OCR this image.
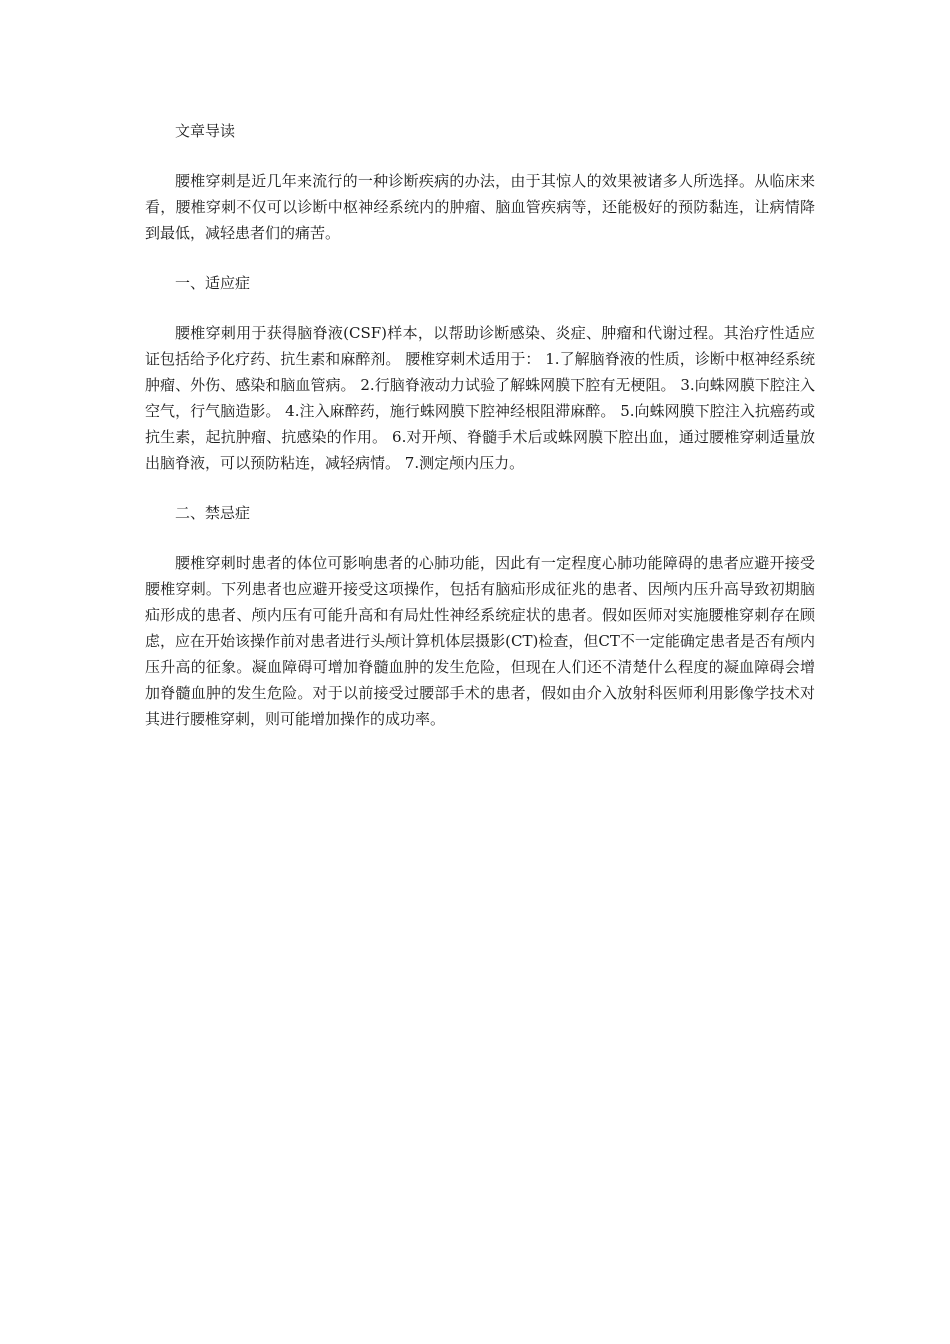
文章导读

腰椎穿刺是近几年来流行的一种诊断疾病的办法，由于其惊人的效果被诸多人所选择。从临床来看，腰椎穿刺不仅可以诊断中枢神经系统内的肿瘤、脑血管疾病等，还能极好的预防黏连，让病情降到最低，减轻患者们的痛苦。

一、适应症

腰椎穿刺用于获得脑脊液(CSF)样本，以帮助诊断感染、炎症、肿瘤和代谢过程。其治疗性适应证包括给予化疗药、抗生素和麻醉剂。 腰椎穿刺术适用于： 1.了解脑脊液的性质，诊断中枢神经系统肿瘤、外伤、感染和脑血管病。 2.行脑脊液动力试验了解蛛网膜下腔有无梗阻。 3.向蛛网膜下腔注入空气，行气脑造影。 4.注入麻醉药，施行蛛网膜下腔神经根阻滞麻醉。 5.向蛛网膜下腔注入抗癌药或抗生素，起抗肿瘤、抗感染的作用。 6.对开颅、脊髓手术后或蛛网膜下腔出血，通过腰椎穿刺适量放出脑脊液，可以预防粘连，减轻病情。 7.测定颅内压力。

二、禁忌症

腰椎穿刺时患者的体位可影响患者的心肺功能，因此有一定程度心肺功能障碍的患者应避开接受腰椎穿刺。下列患者也应避开接受这项操作，包括有脑疝形成征兆的患者、因颅内压升高导致初期脑疝形成的患者、颅内压有可能升高和有局灶性神经系统症状的患者。假如医师对实施腰椎穿刺存在顾虑，应在开始该操作前对患者进行头颅计算机体层摄影(CT)检查，但CT不一定能确定患者是否有颅内压升高的征象。凝血障碍可增加脊髓血肿的发生危险，但现在人们还不清楚什么程度的凝血障碍会增加脊髓血肿的发生危险。对于以前接受过腰部手术的患者，假如由介入放射科医师利用影像学技术对其进行腰椎穿刺，则可能增加操作的成功率。
